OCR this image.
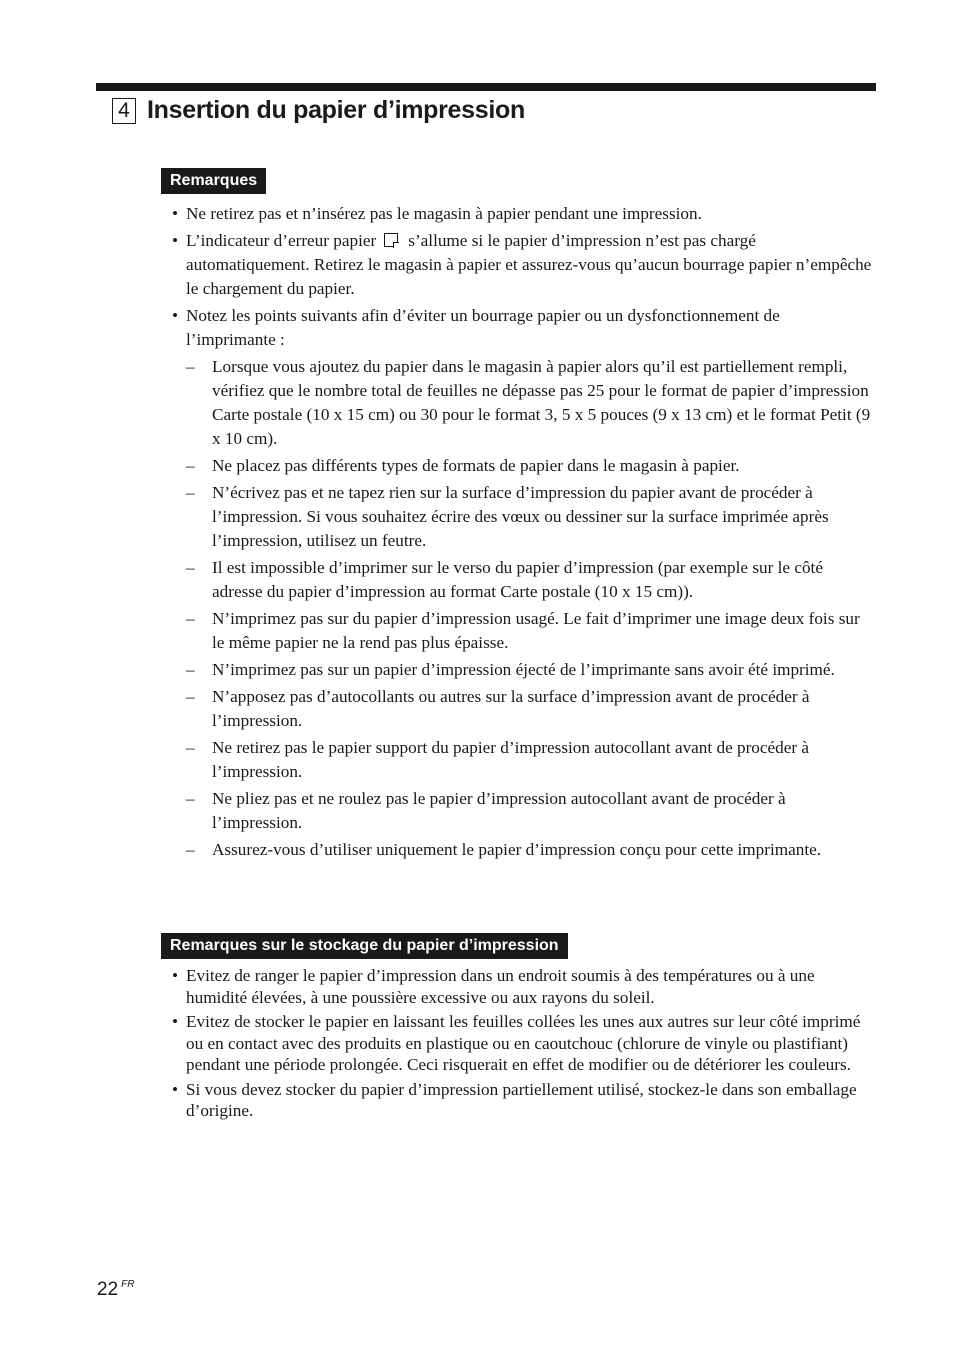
4 Insertion du papier d’impression
Remarques
• Ne retirez pas et n’insérez pas le magasin à papier pendant une impression.
• L’indicateur d’erreur papier s’allume si le papier d’impression n’est pas chargé automatiquement. Retirez le magasin à papier et assurez-vous qu’aucun bourrage papier n’empêche le chargement du papier.
• Notez les points suivants afin d’éviter un bourrage papier ou un dysfonctionnement de l’imprimante :
– Lorsque vous ajoutez du papier dans le magasin à papier alors qu’il est partiellement rempli, vérifiez que le nombre total de feuilles ne dépasse pas 25 pour le format de papier d’impression Carte postale (10 x 15 cm) ou 30 pour le format 3, 5 x 5 pouces (9 x 13 cm) et le format Petit (9 x 10 cm).
– Ne placez pas différents types de formats de papier dans le magasin à papier.
– N’écrivez pas et ne tapez rien sur la surface d’impression du papier avant de procéder à l’impression. Si vous souhaitez écrire des vœux ou dessiner sur la surface imprimée après l’impression, utilisez un feutre.
– Il est impossible d’imprimer sur le verso du papier d’impression (par exemple sur le côté adresse du papier d’impression au format Carte postale (10 x 15 cm)).
– N’imprimez pas sur du papier d’impression usagé. Le fait d’imprimer une image deux fois sur le même papier ne la rend pas plus épaisse.
– N’imprimez pas sur un papier d’impression éjecté de l’imprimante sans avoir été imprimé.
– N’apposez pas d’autocollants ou autres sur la surface d’impression avant de procéder à l’impression.
– Ne retirez pas le papier support du papier d’impression autocollant avant de procéder à l’impression.
– Ne pliez pas et ne roulez pas le papier d’impression autocollant avant de procéder à l’impression.
– Assurez-vous d’utiliser uniquement le papier d’impression conçu pour cette imprimante.
Remarques sur le stockage du papier d’impression
• Evitez de ranger le papier d’impression dans un endroit soumis à des températures ou à une humidité élevées, à une poussière excessive ou aux rayons du soleil.
• Evitez de stocker le papier en laissant les feuilles collées les unes aux autres sur leur côté imprimé ou en contact avec des produits en plastique ou en caoutchouc (chlorure de vinyle ou plastifiant) pendant une période prolongée. Ceci risquerait en effet de modifier ou de détériorer les couleurs.
• Si vous devez stocker du papier d’impression partiellement utilisé, stockez-le dans son emballage d’origine.
22 $^{FR}$
